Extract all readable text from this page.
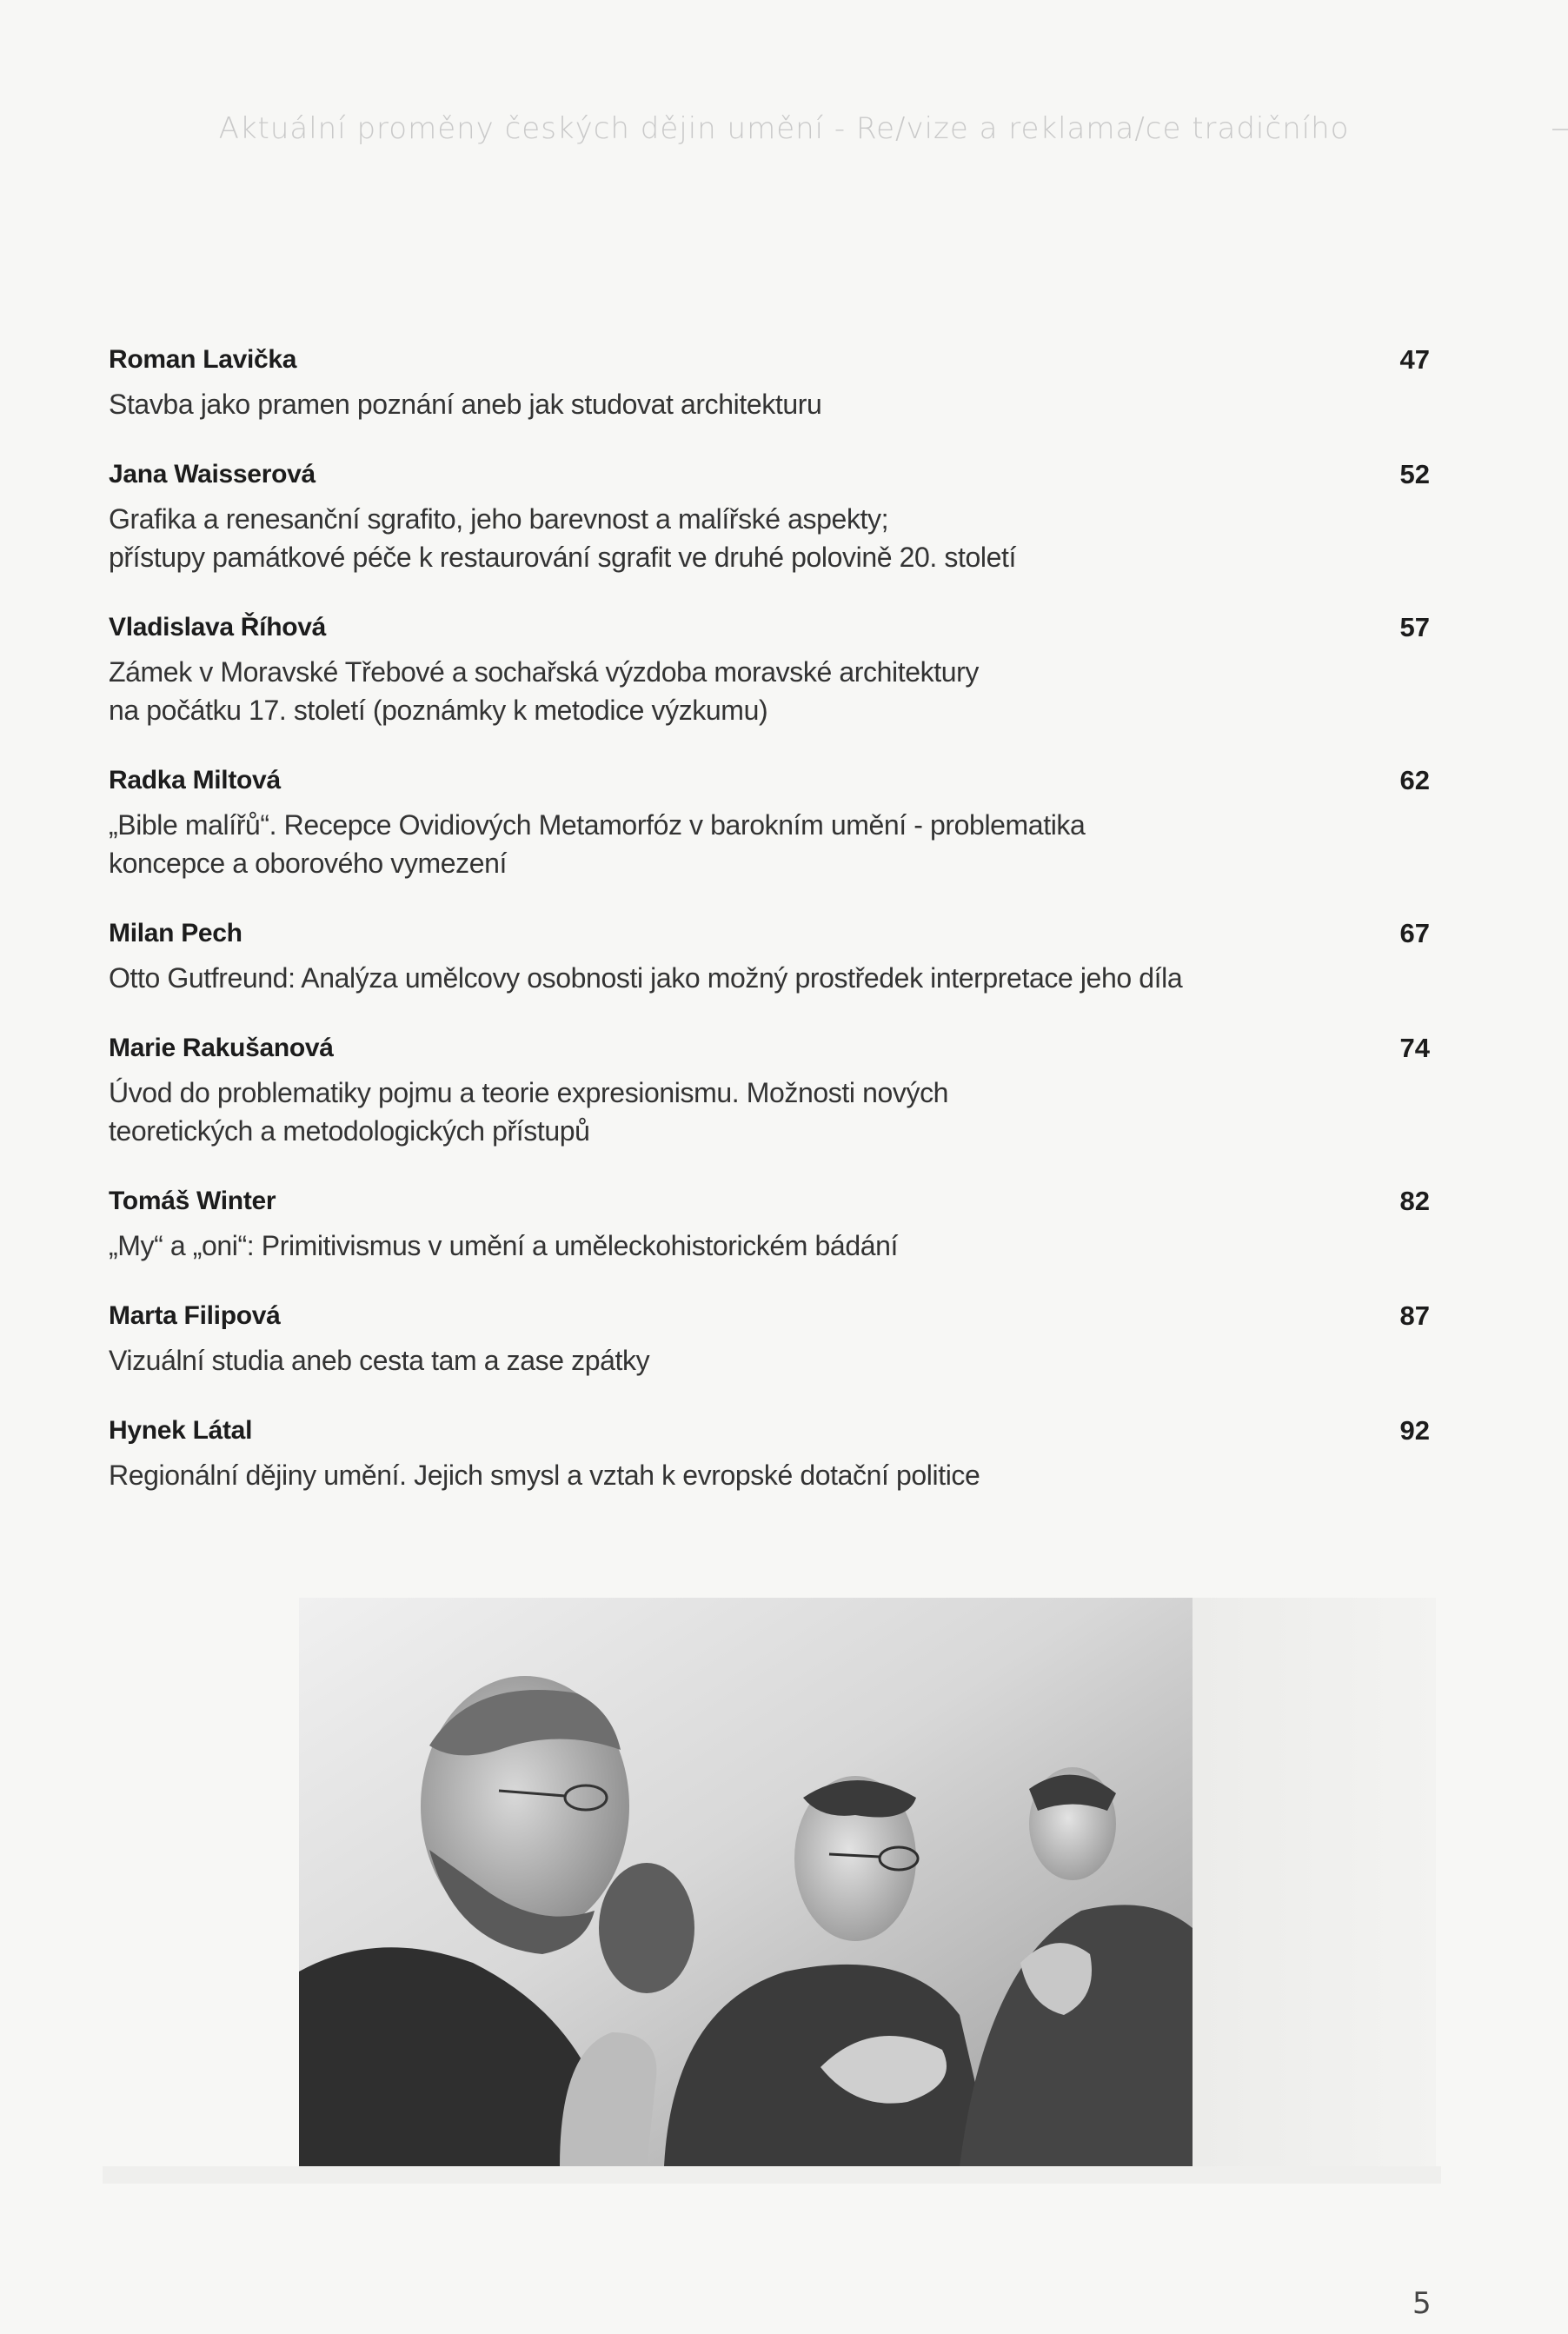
Aktuální proměny českých dějin umění - Re/vize a reklama/ce tradičního
Roman Lavička	47
Stavba jako pramen poznání aneb jak studovat architekturu
Jana Waisserová	52
Grafika a renesanční sgrafito, jeho barevnost a malířské aspekty;
přístupy památkové péče k restaurování sgrafit ve druhé polovině 20. století
Vladislava Říhová	57
Zámek v Moravské Třebové a sochařská výzdoba moravské architektury
na počátku 17. století (poznámky k metodice výzkumu)
Radka Miltová	62
„Bible malířů“. Recepce Ovidiových Metamorfóz v barokním umění - problematika
koncepce a oborového vymezení
Milan Pech	67
Otto Gutfreund: Analýza umělcovy osobnosti jako možný prostředek interpretace jeho díla
Marie Rakušanová	74
Úvod do problematiky pojmu a teorie expresionismu. Možnosti nových
teoretických a metodologických přístupů
Tomáš Winter	82
„My“ a „oni“: Primitivismus v umění a uměleckohistorickém bádání
Marta Filipová	87
Vizuální studia aneb cesta tam a zase zpátky
Hynek Látal	92
Regionální dějiny umění. Jejich smysl a vztah k evropské dotační politice
5
